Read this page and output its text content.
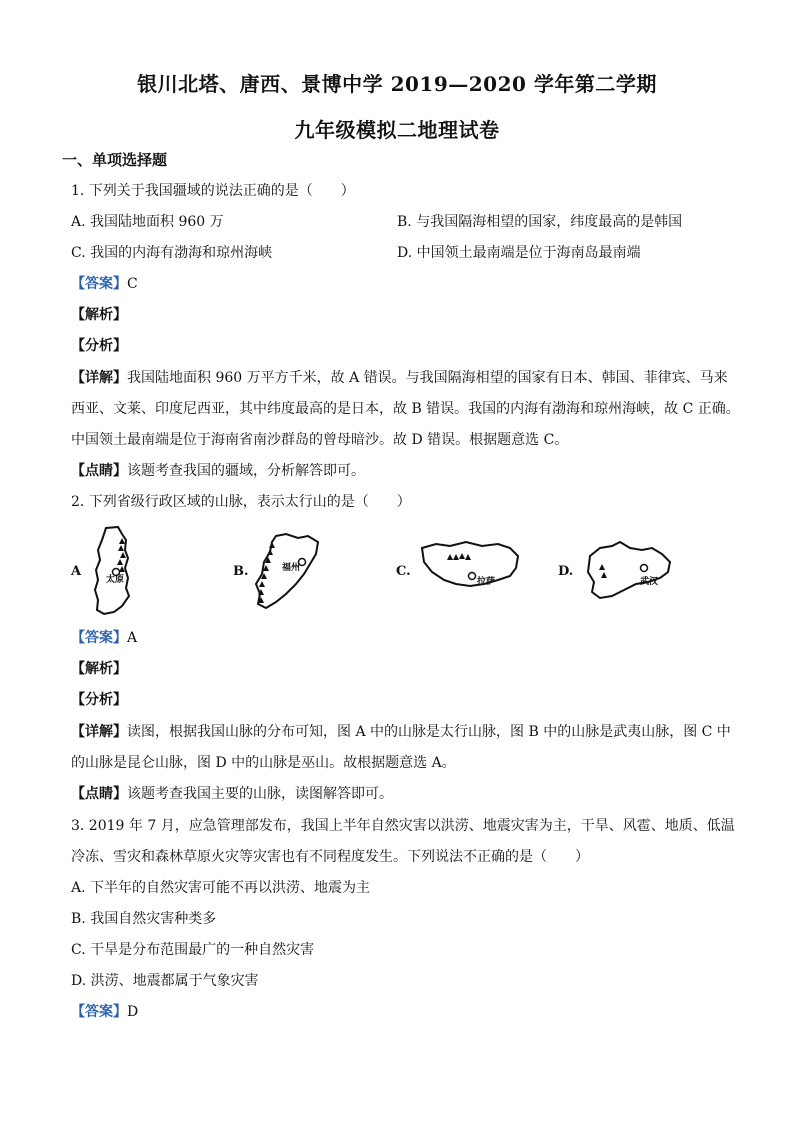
银川北塔、唐西、景博中学 2019—2020 学年第二学期
九年级模拟二地理试卷
一、单项选择题
1. 下列关于我国疆域的说法正确的是（　　）
A. 我国陆地面积 960 万	B. 与我国隔海相望的国家，纬度最高的是韩国
C. 我国的内海有渤海和琼州海峡	D. 中国领土最南端是位于海南岛最南端
【答案】C
【解析】
【分析】
【详解】我国陆地面积 960 万平方千米，故 A 错误。与我国隔海相望的国家有日本、韩国、菲律宾、马来
西亚、文莱、印度尼西亚，其中纬度最高的是日本，故 B 错误。我国的内海有渤海和琼州海峡，故 C 正确。
中国领土最南端是位于海南省南沙群岛的曾母暗沙。故 D 错误。根据题意选 C。
【点睛】该题考查我国的疆域，分析解答即可。
2. 下列省级行政区域的山脉，表示太行山的是（　　）
A
太原
B.	福州	C.
拉萨
D.
武汉
【答案】A
【解析】
【分析】
【详解】读图，根据我国山脉的分布可知，图 A 中的山脉是太行山脉，图 B 中的山脉是武夷山脉，图 C 中
的山脉是昆仑山脉，图 D 中的山脉是巫山。故根据题意选 A。
【点睛】该题考查我国主要的山脉，读图解答即可。
3. 2019 年 7 月，应急管理部发布，我国上半年自然灾害以洪涝、地震灾害为主，干旱、风雹、地质、低温
冷冻、雪灾和森林草原火灾等灾害也有不同程度发生。下列说法不正确的是（　　）
A. 下半年的自然灾害可能不再以洪涝、地震为主
B. 我国自然灾害种类多
C. 干旱是分布范围最广的一种自然灾害
D. 洪涝、地震都属于气象灾害
【答案】D
